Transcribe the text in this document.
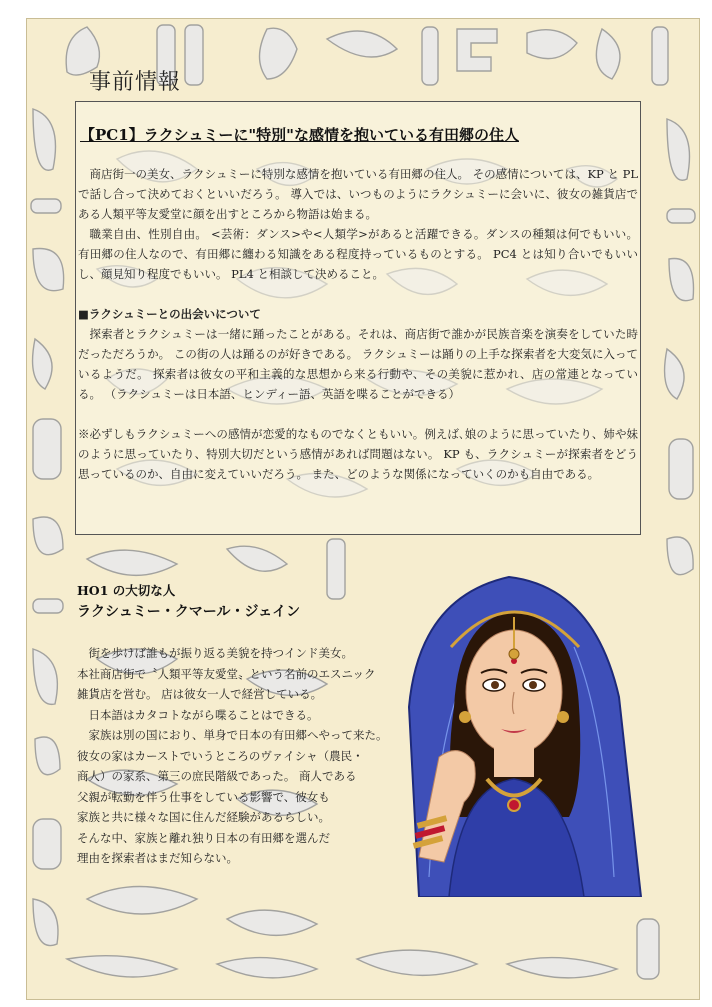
事前情報
【PC1】ラクシュミーに"特別"な感情を抱いている有田郷の住人

商店街一の美女、ラクシュミーに特別な感情を抱いている有田郷の住人。 その感情については、KP と PL で話し合って決めておくといいだろう。 導入では、いつものようにラクシュミーに会いに、彼女の雑貨店である人類平等友愛堂に顔を出すところから物語は始まる。

職業自由、性別自由。 <芸術：ダンス>や<人類学>があると活躍できる。ダンスの種類は何でもいい。 有田郷の住人なので、有田郷に纏わる知識をある程度持っているものとする。 PC4 とは知り合いでもいいし、顔見知り程度でもいい。 PL4 と相談して決めること。

■ラクシュミーとの出会いについて

探索者とラクシュミーは一緒に踊ったことがある。それは、商店街で誰かが民族音楽を演奏をしていた時だっただろうか。 この街の人は踊るのが好きである。 ラクシュミーは踊りの上手な探索者を大変気に入っているようだ。 探索者は彼女の平和主義的な思想から来る行動や、その美貌に惹かれ、店の常連となっている。 （ラクシュミーは日本語、ヒンディー語、英語を喋ることができる）

※必ずしもラクシュミーへの感情が恋愛的なものでなくともいい。例えば､娘のように思っていたり、姉や妹のように思っていたり、特別大切だという感情があれば問題はない。 KP も、ラクシュミーが探索者をどう思っているのか、自由に変えていいだろう。 また、どのような関係になっていくのかも自由である。

HO1 の大切な人
ラクシュミー・クマール・ジェイン

　街を歩けば誰もが振り返る美貌を持つインド美女。

本社商店街で〝人類平等友愛堂〟という名前のエスニック

雑貨店を営む。 店は彼女一人で経営している。

　日本語はカタコトながら喋ることはできる。

　家族は別の国におり、単身で日本の有田郷へやって来た。

彼女の家はカーストでいうところのヴァイシャ（農民・

商人）の家系、第三の庶民階級であった。 商人である

父親が転勤を伴う仕事をしている影響で、彼女も

家族と共に様々な国に住んだ経験があるらしい。

そんな中、家族と離れ独り日本の有田郷を選んだ

理由を探索者はまだ知らない。
